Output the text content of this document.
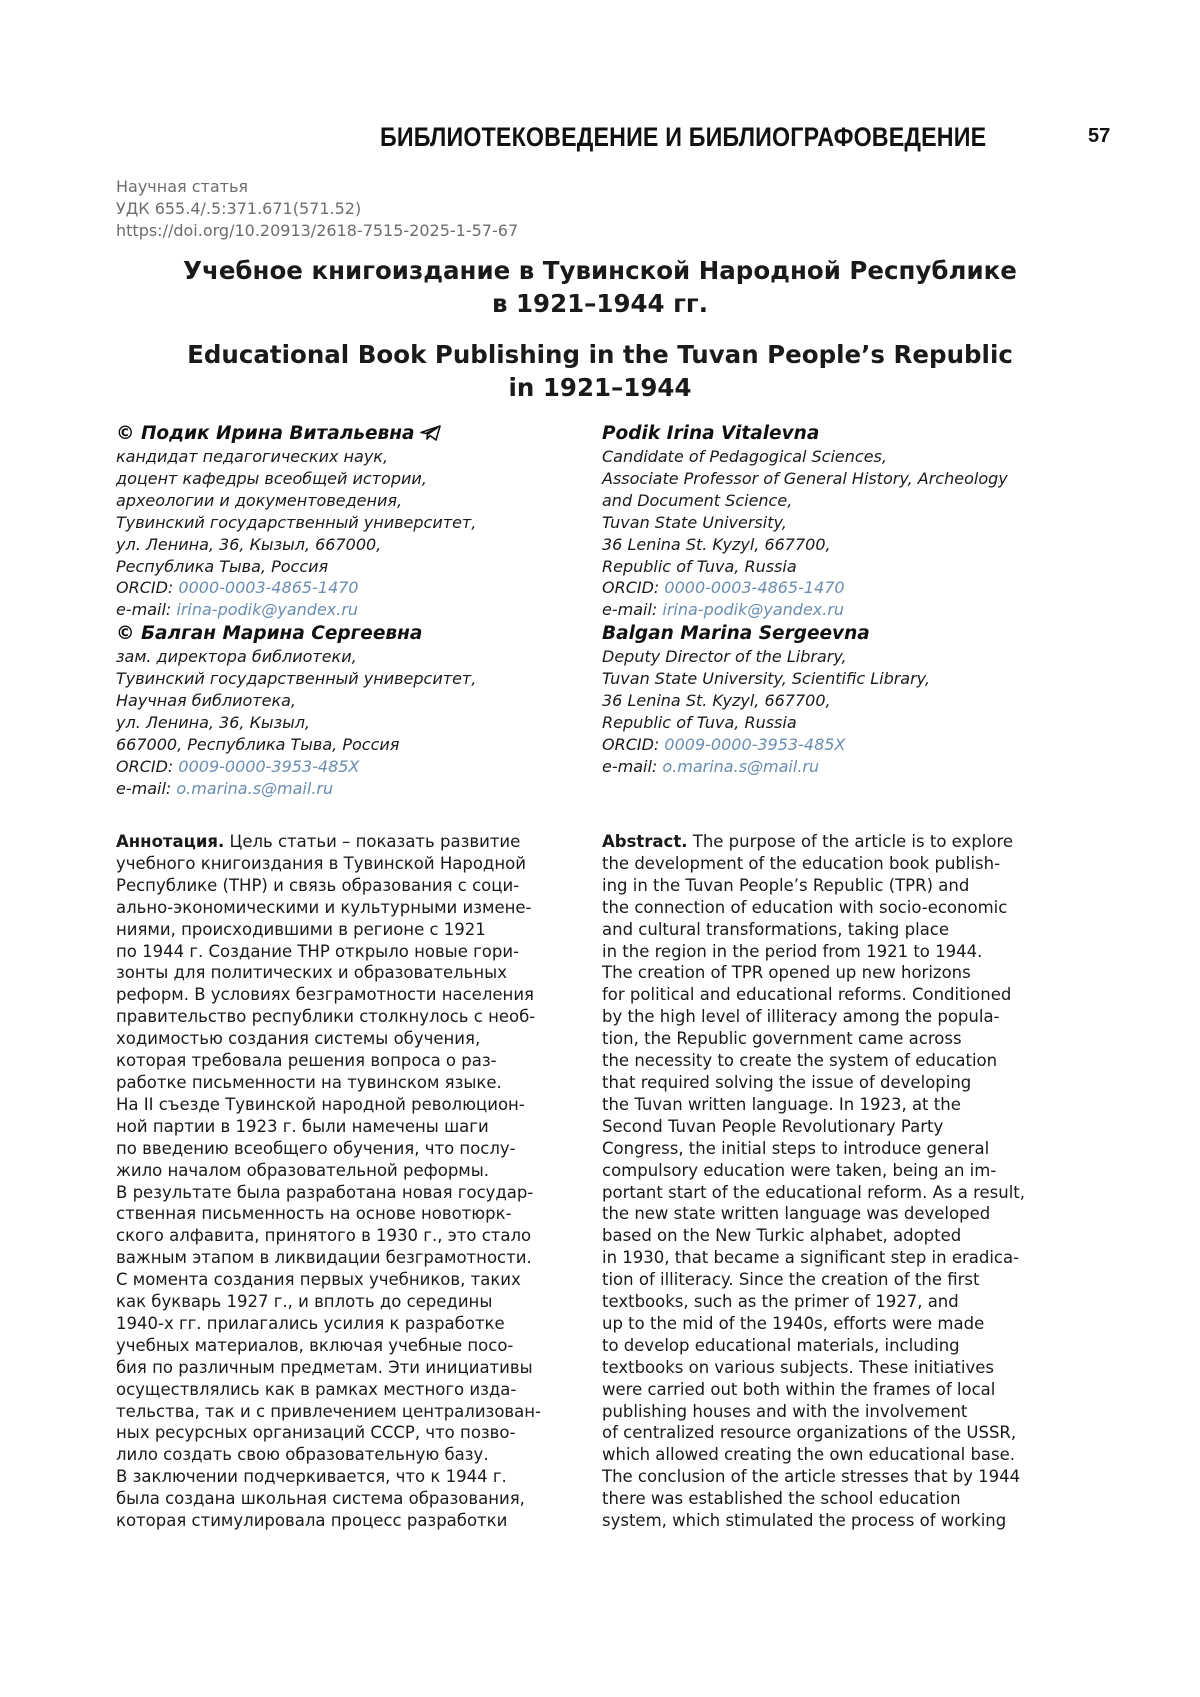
БИБЛИОТЕКОВЕДЕНИЕ И БИБЛИОГРАФОВЕДЕНИЕ	57
Научная статья
УДК 655.4/.5:371.671(571.52)
https://doi.org/10.20913/2618-7515-2025-1-57-67
Учебное книгоиздание в Тувинской Народной Республике
в 1921–1944 гг.
Educational Book Publishing in the Tuvan People’s Republic
in 1921–1944
© Подик Ирина Витальевна
кандидат педагогических наук,
доцент кафедры всеобщей истории,
археологии и документоведения,
Тувинский государственный университет,
ул. Ленина, 36, Кызыл, 667000,
Республика Тыва, Россия
ORCID: 0000-0003-4865-1470
e-mail: irina-podik@yandex.ru
© Балган Марина Сергеевна
зам. директора библиотеки,
Тувинский государственный университет,
Научная библиотека,
ул. Ленина, 36, Кызыл,
667000, Республика Тыва, Россия
ORCID: 0009-0000-3953-485X
e-mail: o.marina.s@mail.ru
Podik Irina Vitalevna
Candidate of Pedagogical Sciences,
Associate Professor of General History, Archeology
and Document Science,
Tuvan State University,
36 Lenina St. Kyzyl, 667700,
Republic of Tuva, Russia
ORCID: 0000-0003-4865-1470
e-mail: irina-podik@yandex.ru
Balgan Marina Sergeevna
Deputy Director of the Library,
Tuvan State University, Scientific Library,
36 Lenina St. Kyzyl, 667700,
Republic of Tuva, Russia
ORCID: 0009-0000-3953-485X
e-mail: o.marina.s@mail.ru
Аннотация. Цель статьи – показать развитие
учебного книгоиздания в Тувинской Народной
Республике (ТНР) и связь образования с соци-
ально-экономическими и культурными измене-
ниями, происходившими в регионе с 1921
по 1944 г. Создание ТНР открыло новые гори-
зонты для политических и образовательных
реформ. В условиях безграмотности населения
правительство республики столкнулось с необ-
ходимостью создания системы обучения,
которая требовала решения вопроса о раз-
работке письменности на тувинском языке.
На II съезде Тувинской народной революцион-
ной партии в 1923 г. были намечены шаги
по введению всеобщего обучения, что послу-
жило началом образовательной реформы.
В результате была разработана новая государ-
ственная письменность на основе новотюрк-
ского алфавита, принятого в 1930 г., это стало
важным этапом в ликвидации безграмотности.
С момента создания первых учебников, таких
как букварь 1927 г., и вплоть до середины
1940-х гг. прилагались усилия к разработке
учебных материалов, включая учебные посо-
бия по различным предметам. Эти инициативы
осуществлялись как в рамках местного изда-
тельства, так и с привлечением централизован-
ных ресурсных организаций СССР, что позво-
лило создать свою образовательную базу.
В заключении подчеркивается, что к 1944 г.
была создана школьная система образования,
которая стимулировала процесс разработки
Abstract. The purpose of the article is to explore
the development of the education book publish-
ing in the Tuvan People’s Republic (TPR) and
the connection of education with socio-economic
and cultural transformations, taking place
in the region in the period from 1921 to 1944.
The creation of TPR opened up new horizons
for political and educational reforms. Conditioned
by the high level of illiteracy among the popula-
tion, the Republic government came across
the necessity to create the system of education
that required solving the issue of developing
the Tuvan written language. In 1923, at the
Second Tuvan People Revolutionary Party
Congress, the initial steps to introduce general
compulsory education were taken, being an im-
portant start of the educational reform. As a result,
the new state written language was developed
based on the New Turkic alphabet, adopted
in 1930, that became a significant step in eradica-
tion of illiteracy. Since the creation of the first
textbooks, such as the primer of 1927, and
up to the mid of the 1940s, efforts were made
to develop educational materials, including
textbooks on various subjects. These initiatives
were carried out both within the frames of local
publishing houses and with the involvement
of centralized resource organizations of the USSR,
which allowed creating the own educational base.
The conclusion of the article stresses that by 1944
there was established the school education
system, which stimulated the process of working
